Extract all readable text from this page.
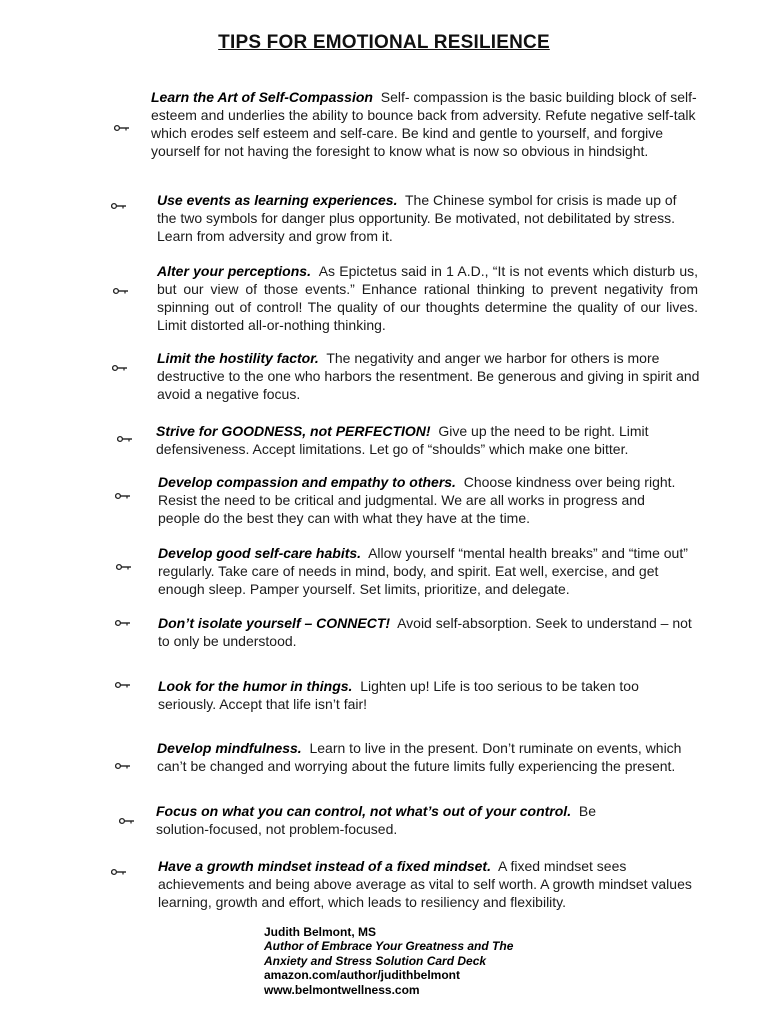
TIPS FOR EMOTIONAL RESILIENCE
Learn the Art of Self-Compassion Self- compassion is the basic building block of self-esteem and underlies the ability to bounce back from adversity. Refute negative self-talk which erodes self esteem and self-care. Be kind and gentle to yourself, and forgive yourself for not having the foresight to know what is now so obvious in hindsight.
Use events as learning experiences. The Chinese symbol for crisis is made up of the two symbols for danger plus opportunity. Be motivated, not debilitated by stress. Learn from adversity and grow from it.
Alter your perceptions. As Epictetus said in 1 A.D., “It is not events which disturb us, but our view of those events.” Enhance rational thinking to prevent negativity from spinning out of control! The quality of our thoughts determine the quality of our lives. Limit distorted all-or-nothing thinking.
Limit the hostility factor. The negativity and anger we harbor for others is more destructive to the one who harbors the resentment. Be generous and giving in spirit and avoid a negative focus.
Strive for GOODNESS, not PERFECTION! Give up the need to be right. Limit defensiveness. Accept limitations. Let go of “shoulds” which make one bitter.
Develop compassion and empathy to others. Choose kindness over being right. Resist the need to be critical and judgmental. We are all works in progress and people do the best they can with what they have at the time.
Develop good self-care habits. Allow yourself “mental health breaks” and “time out” regularly. Take care of needs in mind, body, and spirit. Eat well, exercise, and get enough sleep. Pamper yourself. Set limits, prioritize, and delegate.
Don’t isolate yourself – CONNECT! Avoid self-absorption. Seek to understand – not to only be understood.
Look for the humor in things. Lighten up! Life is too serious to be taken too seriously. Accept that life isn’t fair!
Develop mindfulness. Learn to live in the present. Don’t ruminate on events, which can’t be changed and worrying about the future limits fully experiencing the present.
Focus on what you can control, not what’s out of your control. Be solution-focused, not problem-focused.
Have a growth mindset instead of a fixed mindset. A fixed mindset sees achievements and being above average as vital to self worth. A growth mindset values learning, growth and effort, which leads to resiliency and flexibility.
Judith Belmont, MS
Author of Embrace Your Greatness and The
Anxiety and Stress Solution Card Deck
amazon.com/author/judithbelmont
www.belmontwellness.com
